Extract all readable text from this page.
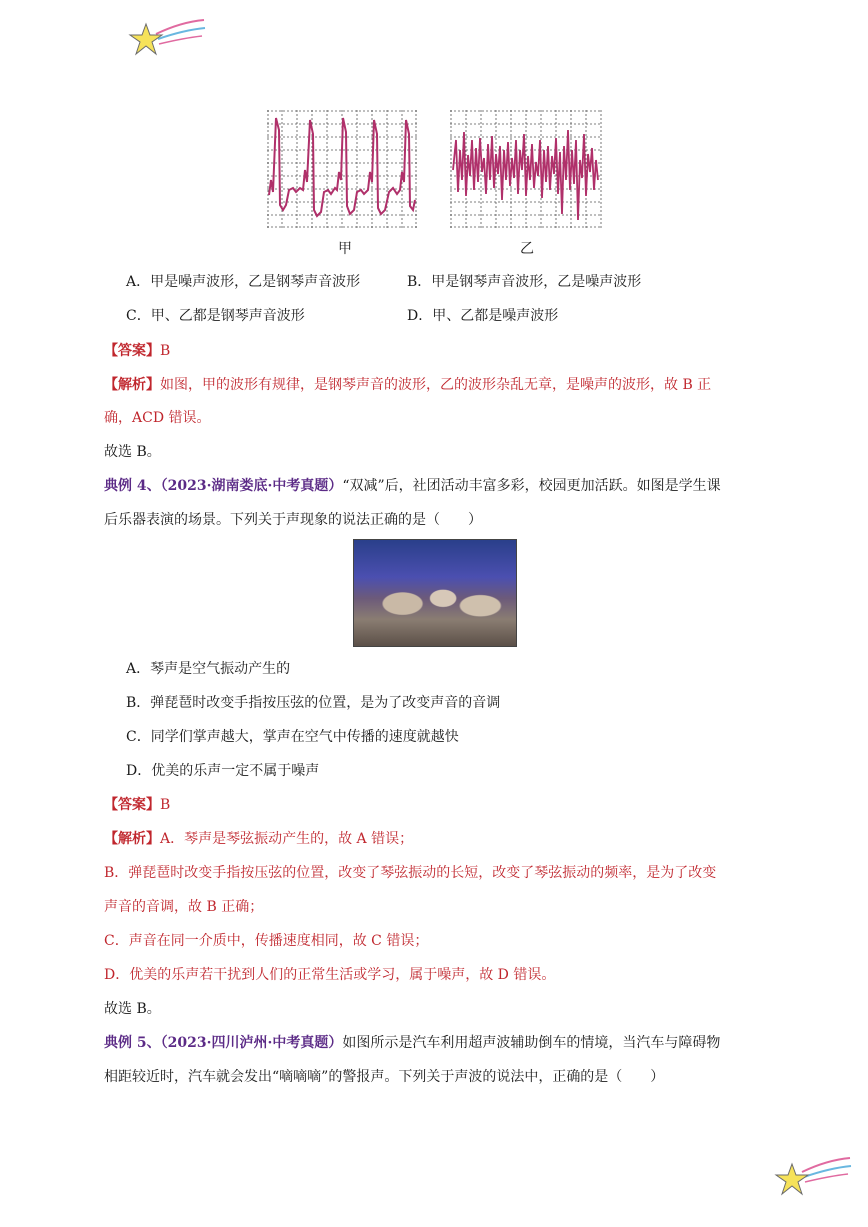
甲	乙
A．甲是噪声波形，乙是钢琴声音波形	B．甲是钢琴声音波形，乙是噪声波形
C．甲、乙都是钢琴声音波形	D．甲、乙都是噪声波形
【答案】B
【解析】如图，甲的波形有规律，是钢琴声音的波形，乙的波形杂乱无章，是噪声的波形，故 B 正
确，ACD 错误。
故选 B。
典例 4、（2023·湖南娄底·中考真题）“双减”后，社团活动丰富多彩，校园更加活跃。如图是学生课
后乐器表演的场景。下列关于声现象的说法正确的是（　　）
A．琴声是空气振动产生的
B．弹琵琶时改变手指按压弦的位置，是为了改变声音的音调
C．同学们掌声越大，掌声在空气中传播的速度就越快
D．优美的乐声一定不属于噪声
【答案】B
【解析】A．琴声是琴弦振动产生的，故 A 错误；
B．弹琵琶时改变手指按压弦的位置，改变了琴弦振动的长短，改变了琴弦振动的频率，是为了改变
声音的音调，故 B 正确；
C．声音在同一介质中，传播速度相同，故 C 错误；
D．优美的乐声若干扰到人们的正常生活或学习，属于噪声，故 D 错误。
故选 B。
典例 5、（2023·四川泸州·中考真题）如图所示是汽车利用超声波辅助倒车的情境，当汽车与障碍物
相距较近时，汽车就会发出“嘀嘀嘀”的警报声。下列关于声波的说法中，正确的是（　　）
